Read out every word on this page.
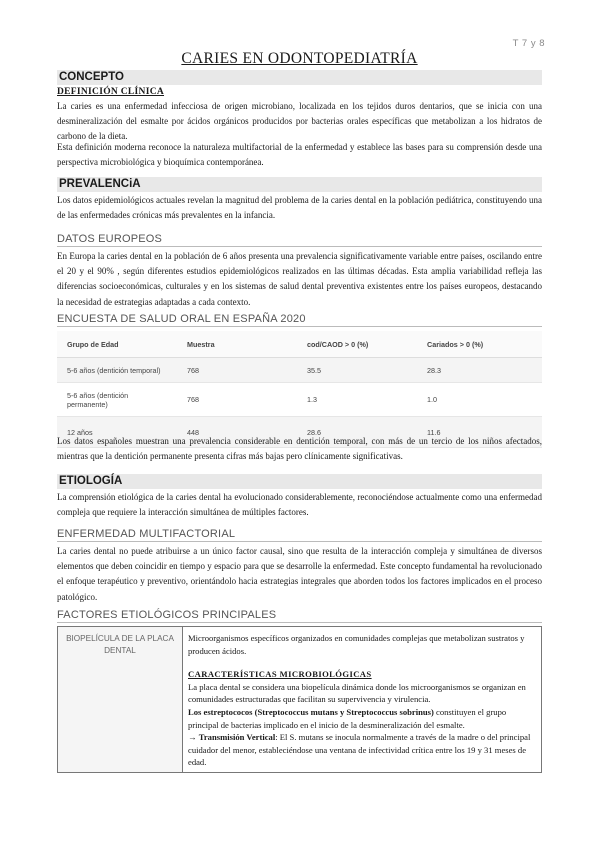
T 7 y 8
CARIES EN ODONTOPEDIATRÍA
CONCEPTO
DEFINICIÓN CLÍNICA

La caries es una enfermedad infecciosa de origen microbiano, localizada en los tejidos duros dentarios, que se inicia con una desmineralización del esmalte por ácidos orgánicos producidos por bacterias orales específicas que metabolizan a los hidratos de carbono de la dieta.

Esta definición moderna reconoce la naturaleza multifactorial de la enfermedad y establece las bases para su comprensión desde una perspectiva microbiológica y bioquímica contemporánea.

PREVALENCiA

Los datos epidemiológicos actuales revelan la magnitud del problema de la caries dental en la población pediátrica, constituyendo una de las enfermedades crónicas más prevalentes en la infancia.

DATOS EUROPEOS

En Europa la caries dental en la población de 6 años presenta una prevalencia significativamente variable entre países, oscilando entre el 20 y el 90% , según diferentes estudios epidemiológicos realizados en las últimas décadas. Esta amplia variabilidad refleja las diferencias socioeconómicas, culturales y en los sistemas de salud dental preventiva existentes entre los países europeos, destacando la necesidad de estrategias adaptadas a cada contexto.

ENCUESTA DE SALUD ORAL EN ESPAÑA 2020
Grupo de Edad	Muestra	cod/CAOD > 0 (%)	Cariados > 0 (%)
5-6 años (dentición temporal)	768	35.5	28.3
5-6 años (dentición permanente)	768	1.3	1.0
12 años	448	28.6	11.6

Los datos españoles muestran una prevalencia considerable en dentición temporal, con más de un tercio de los niños afectados, mientras que la dentición permanente presenta cifras más bajas pero clínicamente significativas.

ETIOLOGÍA

La comprensión etiológica de la caries dental ha evolucionado considerablemente, reconociéndose actualmente como una enfermedad compleja que requiere la interacción simultánea de múltiples factores.

ENFERMEDAD MULTIFACTORIAL

La caries dental no puede atribuirse a un único factor causal, sino que resulta de la interacción compleja y simultánea de diversos elementos que deben coincidir en tiempo y espacio para que se desarrolle la enfermedad. Este concepto fundamental ha revolucionado el enfoque terapéutico y preventivo, orientándolo hacia estrategias integrales que aborden todos los factores implicados en el proceso patológico.

FACTORES ETIOLÓGICOS PRINCIPALES
BIOPELÍCULA DE LA PLACA DENTAL	

Microorganismos específicos organizados en comunidades complejas que metabolizan sustratos y producen ácidos.

CARACTERÍSTICAS MICROBIOLÓGICAS

La placa dental se considera una biopelícula dinámica donde los microorganismos se organizan en comunidades estructuradas que facilitan su supervivencia y virulencia.

Los estreptococos (Streptococcus mutans y Streptococcus sobrinus) constituyen el grupo principal de bacterias implicado en el inicio de la desmineralización del esmalte.

→ Transmisión Vertical: El S. mutans se inocula normalmente a través de la madre o del principal cuidador del menor, estableciéndose una ventana de infectividad crítica entre los 19 y 31 meses de edad.
